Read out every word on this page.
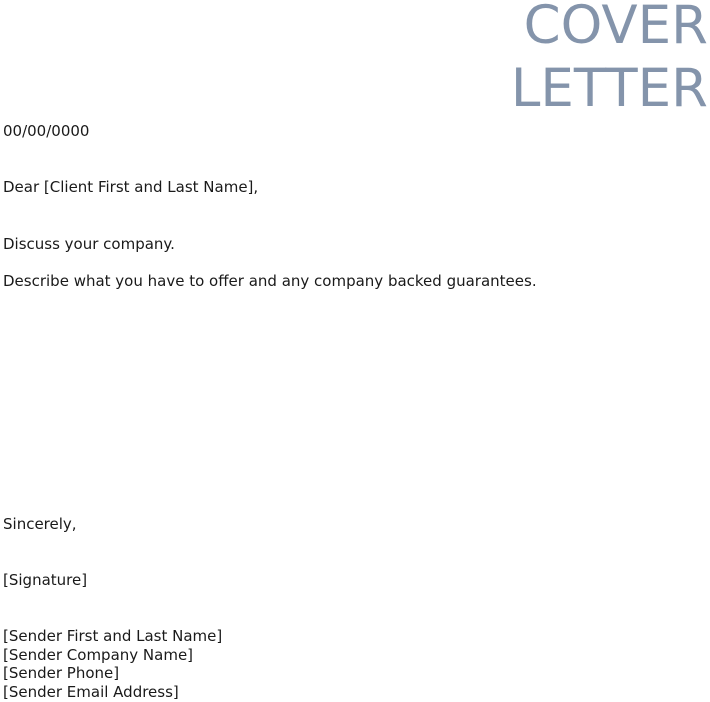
COVER
LETTER
00/00/0000
Dear [Client First and Last Name],
Discuss your company.
Describe what you have to offer and any company backed guarantees.
Sincerely,
[Signature]
[Sender First and Last Name]
[Sender Company Name]
[Sender Phone]
[Sender Email Address]
